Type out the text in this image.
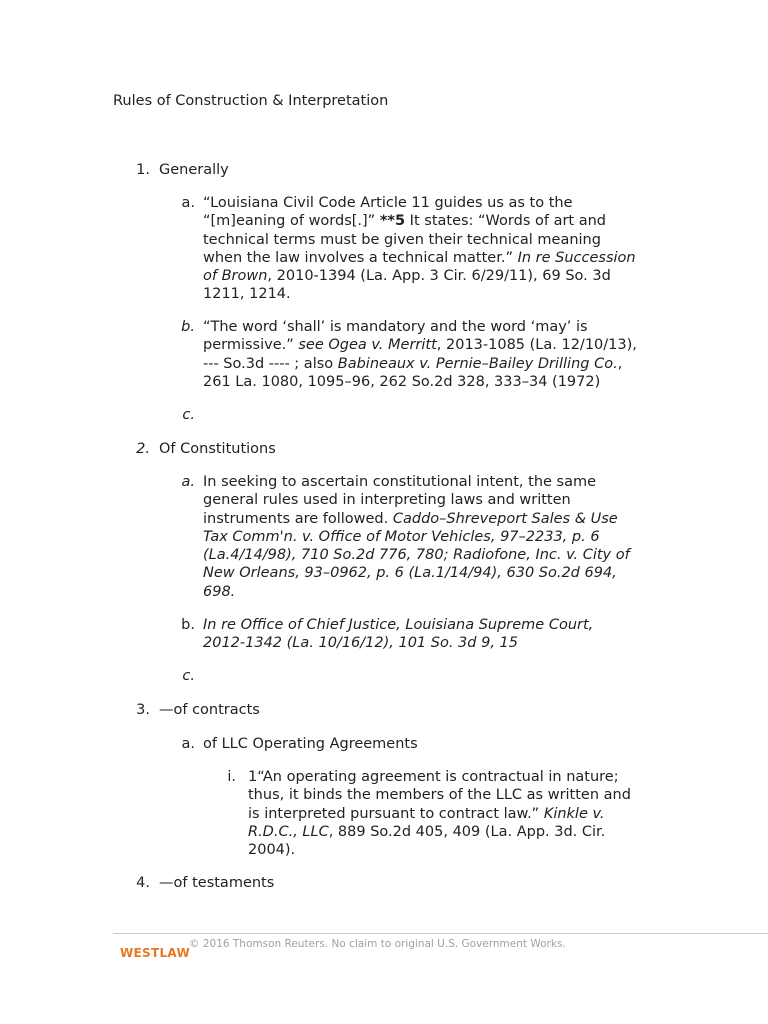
Rules of Construction & Interpretation
1. Generally
a. “Louisiana Civil Code Article 11 guides us as to the
“[m]eaning of words[.]” **5 It states: “Words of art and
technical terms must be given their technical meaning
when the law involves a technical matter.” In re Succession
of Brown, 2010-1394 (La. App. 3 Cir. 6/29/11), 69 So. 3d
1211, 1214.
b. “The word ‘shall’ is mandatory and the word ‘may’ is
permissive.” see Ogea v. Merritt, 2013-1085 (La. 12/10/13),
--- So.3d ---- ; also Babineaux v. Pernie–Bailey Drilling Co.,
261 La. 1080, 1095–96, 262 So.2d 328, 333–34 (1972)
c.
2. Of Constitutions
a. In seeking to ascertain constitutional intent, the same
general rules used in interpreting laws and written
instruments are followed. Caddo–Shreveport Sales & Use
Tax Comm'n. v. Office of Motor Vehicles, 97–2233, p. 6
(La.4/14/98), 710 So.2d 776, 780; Radiofone, Inc. v. City of
New Orleans, 93–0962, p. 6 (La.1/14/94), 630 So.2d 694,
698.
b. In re Office of Chief Justice, Louisiana Supreme Court,
2012-1342 (La. 10/16/12), 101 So. 3d 9, 15
c.
3. —of contracts
a. of LLC Operating Agreements
i. 1“An operating agreement is contractual in nature;
thus, it binds the members of the LLC as written and
is interpreted pursuant to contract law.” Kinkle v.
R.D.C., LLC, 889 So.2d 405, 409 (La. App. 3d. Cir.
2004).
4. —of testaments
WESTLAW
© 2016 Thomson Reuters. No claim to original U.S. Government Works.
